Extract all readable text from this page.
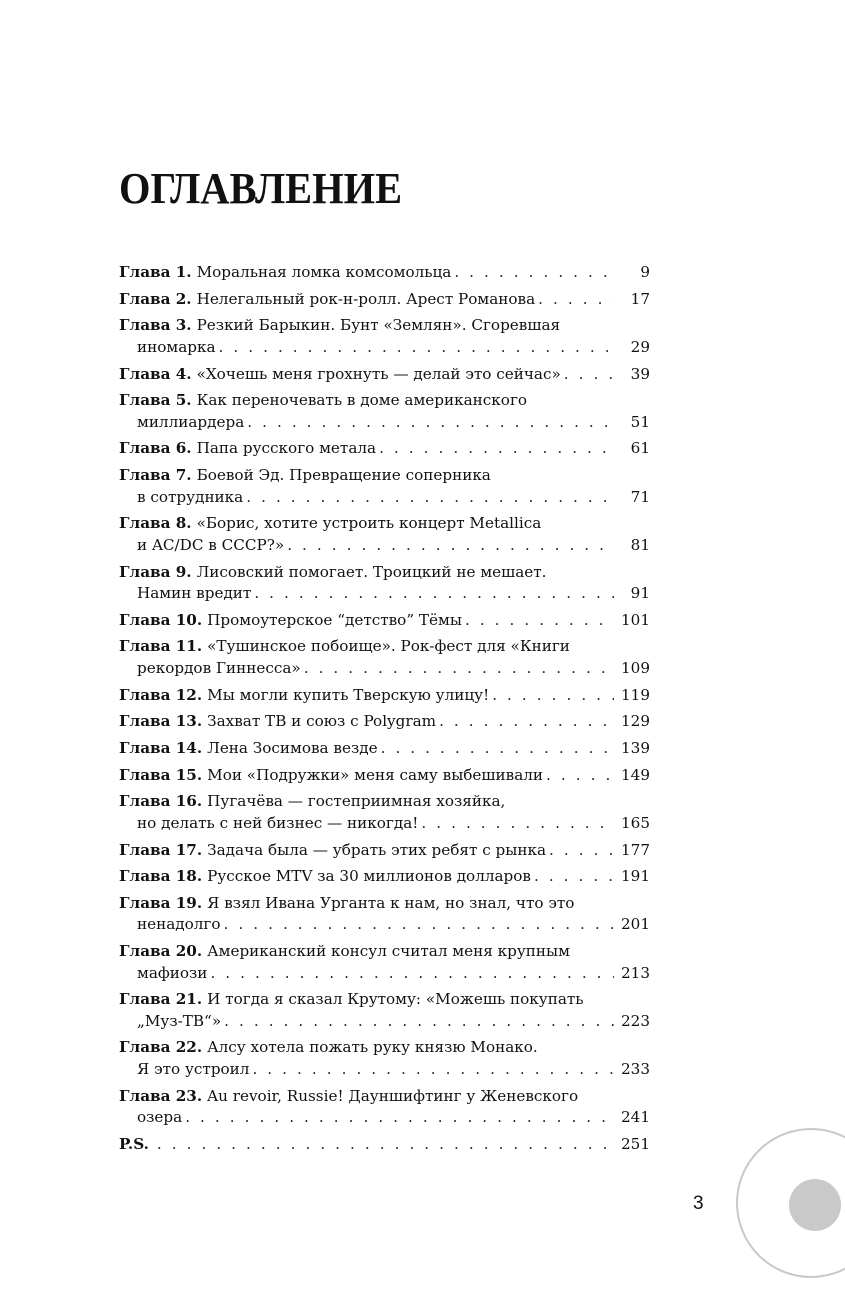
ОГЛАВЛЕНИЕ
Глава 1. Моральная ломка комсомольца . . .	9
Глава 2. Нелегальный рок-н-ролл. Арест Романова . . .	17
Глава 3. Резкий Барыкин. Бунт «Землян». Сгоревшая
иномарка . . .	29
Глава 4. «Хочешь меня грохнуть — делай это сейчас» . . .	39
Глава 5. Как переночевать в доме американского
миллиардера . . .	51
Глава 6. Папа русского метала . . .	61
Глава 7. Боевой Эд. Превращение соперника
в сотрудника . . .	71
Глава 8. «Борис, хотите устроить концерт Metallica
и AC/DC в СССР?» . . .	81
Глава 9. Лисовский помогает. Троицкий не мешает.
Намин вредит . . .	91
Глава 10. Промоутерское “детство” Тёмы . . .	101
Глава 11. «Тушинское побоище». Рок-фест для «Книги
рекордов Гиннесса» . . .	109
Глава 12. Мы могли купить Тверскую улицу! . . .	119
Глава 13. Захват ТВ и союз с Polygram . . .	129
Глава 14. Лена Зосимова везде . . .	139
Глава 15. Мои «Подружки» меня саму выбешивали . . .	149
Глава 16. Пугачёва — гостеприимная хозяйка,
но делать с ней бизнес — никогда! . . .	165
Глава 17. Задача была — убрать этих ребят с рынка . . .	177
Глава 18. Русское MTV за 30 миллионов долларов . . .	191
Глава 19. Я взял Ивана Урганта к нам, но знал, что это
ненадолго . . .	201
Глава 20. Американский консул считал меня крупным
мафиози . . .	213
Глава 21. И тогда я сказал Крутому: «Можешь покупать
„Муз-ТВ“» . . .	223
Глава 22. Алсу хотела пожать руку князю Монако.
Я это устроил . . .	233
Глава 23. Au revoir, Russie! Дауншифтинг у Женевского
озера . . .	241
P.S. . . .	251
3
